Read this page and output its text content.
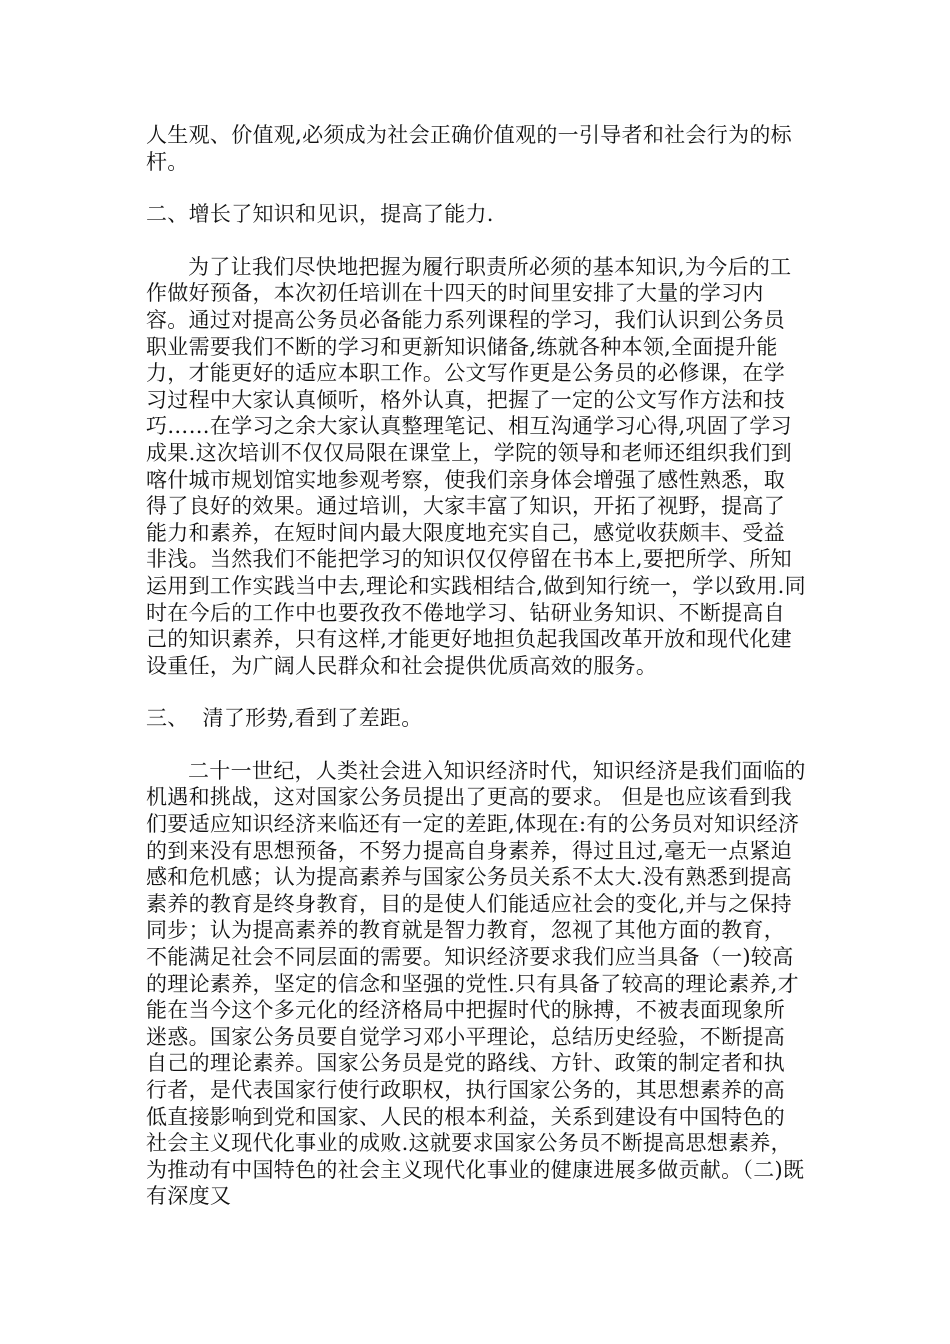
人生观、价值观,必须成为社会正确价值观的一引导者和社会行为的标杆。

二、增长了知识和见识，提高了能力.

为了让我们尽快地把握为履行职责所必须的基本知识,为今后的工作做好预备，本次初任培训在十四天的时间里安排了大量的学习内容。通过对提高公务员必备能力系列课程的学习，我们认识到公务员职业需要我们不断的学习和更新知识储备,练就各种本领,全面提升能力，才能更好的适应本职工作。公文写作更是公务员的必修课，在学习过程中大家认真倾听，格外认真，把握了一定的公文写作方法和技巧……在学习之余大家认真整理笔记、相互沟通学习心得,巩固了学习成果.这次培训不仅仅局限在课堂上，学院的领导和老师还组织我们到喀什城市规划馆实地参观考察，使我们亲身体会增强了感性熟悉，取得了良好的效果。通过培训，大家丰富了知识，开拓了视野，提高了能力和素养，在短时间内最大限度地充实自己，感觉收获颇丰、受益非浅。当然我们不能把学习的知识仅仅停留在书本上,要把所学、所知运用到工作实践当中去,理论和实践相结合,做到知行统一，学以致用.同时在今后的工作中也要孜孜不倦地学习、钻研业务知识、不断提高自己的知识素养，只有这样,才能更好地担负起我国改革开放和现代化建设重任，为广阔人民群众和社会提供优质高效的服务。

三、  清了形势,看到了差距。

二十一世纪，人类社会进入知识经济时代，知识经济是我们面临的机遇和挑战，这对国家公务员提出了更高的要求。 但是也应该看到我们要适应知识经济来临还有一定的差距,体现在:有的公务员对知识经济的到来没有思想预备，不努力提高自身素养，得过且过,毫无一点紧迫感和危机感；认为提高素养与国家公务员关系不太大.没有熟悉到提高素养的教育是终身教育，目的是使人们能适应社会的变化,并与之保持同步；认为提高素养的教育就是智力教育，忽视了其他方面的教育，不能满足社会不同层面的需要。知识经济要求我们应当具备（一)较高的理论素养，坚定的信念和坚强的党性.只有具备了较高的理论素养,才能在当今这个多元化的经济格局中把握时代的脉搏，不被表面现象所迷惑。国家公务员要自觉学习邓小平理论，总结历史经验，不断提高自己的理论素养。国家公务员是党的路线、方针、政策的制定者和执行者，是代表国家行使行政职权，执行国家公务的，其思想素养的高低直接影响到党和国家、人民的根本利益，关系到建设有中国特色的社会主义现代化事业的成败.这就要求国家公务员不断提高思想素养，为推动有中国特色的社会主义现代化事业的健康进展多做贡献。（二)既有深度又
